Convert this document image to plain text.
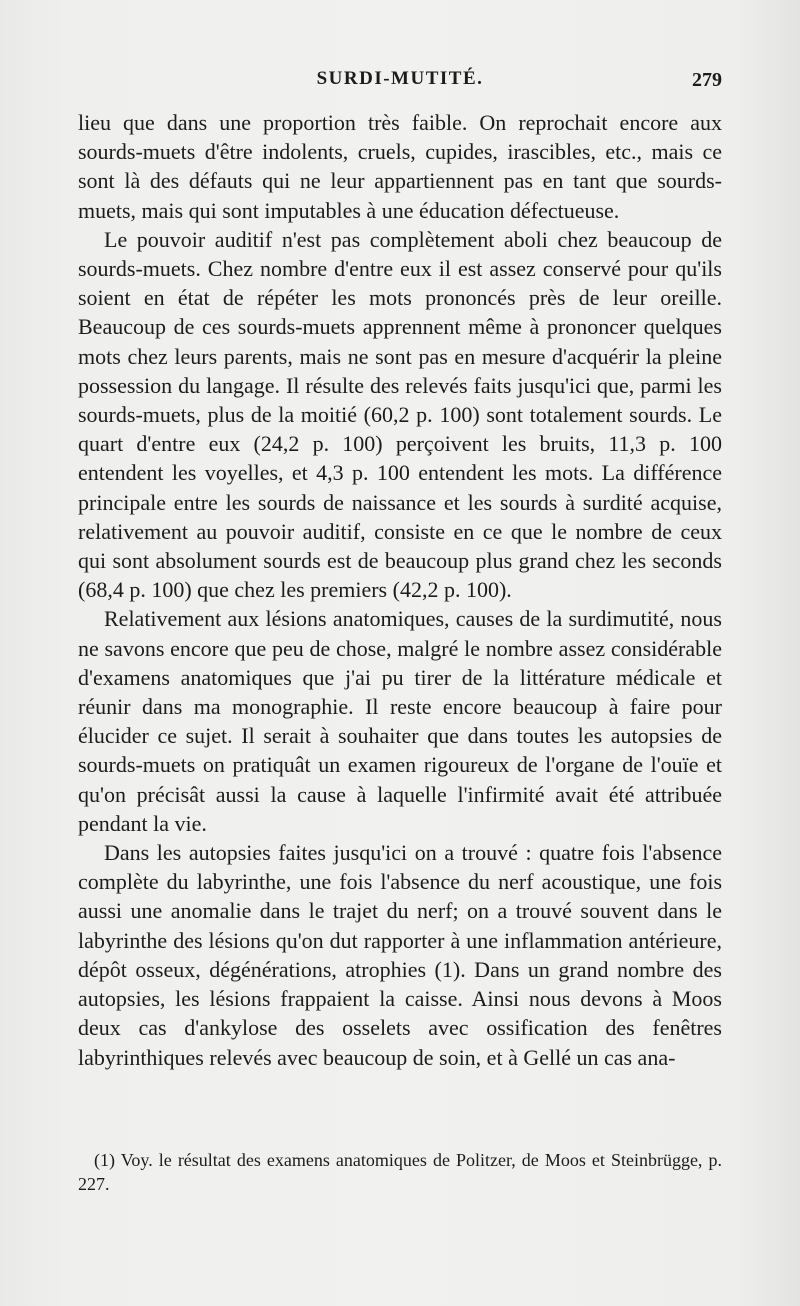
SURDI-MUTITÉ.	279

lieu que dans une proportion très faible. On reprochait encore aux sourds-muets d'être indolents, cruels, cupides, irascibles, etc., mais ce sont là des défauts qui ne leur appartiennent pas en tant que sourds-muets, mais qui sont imputables à une éducation défectueuse.

Le pouvoir auditif n'est pas complètement aboli chez beaucoup de sourds-muets. Chez nombre d'entre eux il est assez conservé pour qu'ils soient en état de répéter les mots prononcés près de leur oreille. Beaucoup de ces sourds-muets apprennent même à prononcer quelques mots chez leurs parents, mais ne sont pas en mesure d'acquérir la pleine possession du langage. Il résulte des relevés faits jusqu'ici que, parmi les sourds-muets, plus de la moitié (60,2 p. 100) sont totalement sourds. Le quart d'entre eux (24,2 p. 100) perçoivent les bruits, 11,3 p. 100 entendent les voyelles, et 4,3 p. 100 entendent les mots. La différence principale entre les sourds de naissance et les sourds à surdité acquise, relativement au pouvoir auditif, consiste en ce que le nombre de ceux qui sont absolument sourds est de beaucoup plus grand chez les seconds (68,4 p. 100) que chez les premiers (42,2 p. 100).

Relativement aux lésions anatomiques, causes de la surdimutité, nous ne savons encore que peu de chose, malgré le nombre assez considérable d'examens anatomiques que j'ai pu tirer de la littérature médicale et réunir dans ma monographie. Il reste encore beaucoup à faire pour élucider ce sujet. Il serait à souhaiter que dans toutes les autopsies de sourds-muets on pratiquât un examen rigoureux de l'organe de l'ouïe et qu'on précisât aussi la cause à laquelle l'infirmité avait été attribuée pendant la vie.

Dans les autopsies faites jusqu'ici on a trouvé : quatre fois l'absence complète du labyrinthe, une fois l'absence du nerf acoustique, une fois aussi une anomalie dans le trajet du nerf; on a trouvé souvent dans le labyrinthe des lésions qu'on dut rapporter à une inflammation antérieure, dépôt osseux, dégénérations, atrophies (1). Dans un grand nombre des autopsies, les lésions frappaient la caisse. Ainsi nous devons à Moos deux cas d'ankylose des osselets avec ossification des fenêtres labyrinthiques relevés avec beaucoup de soin, et à Gellé un cas ana-

(1) Voy. le résultat des examens anatomiques de Politzer, de Moos et Steinbrügge, p. 227.
